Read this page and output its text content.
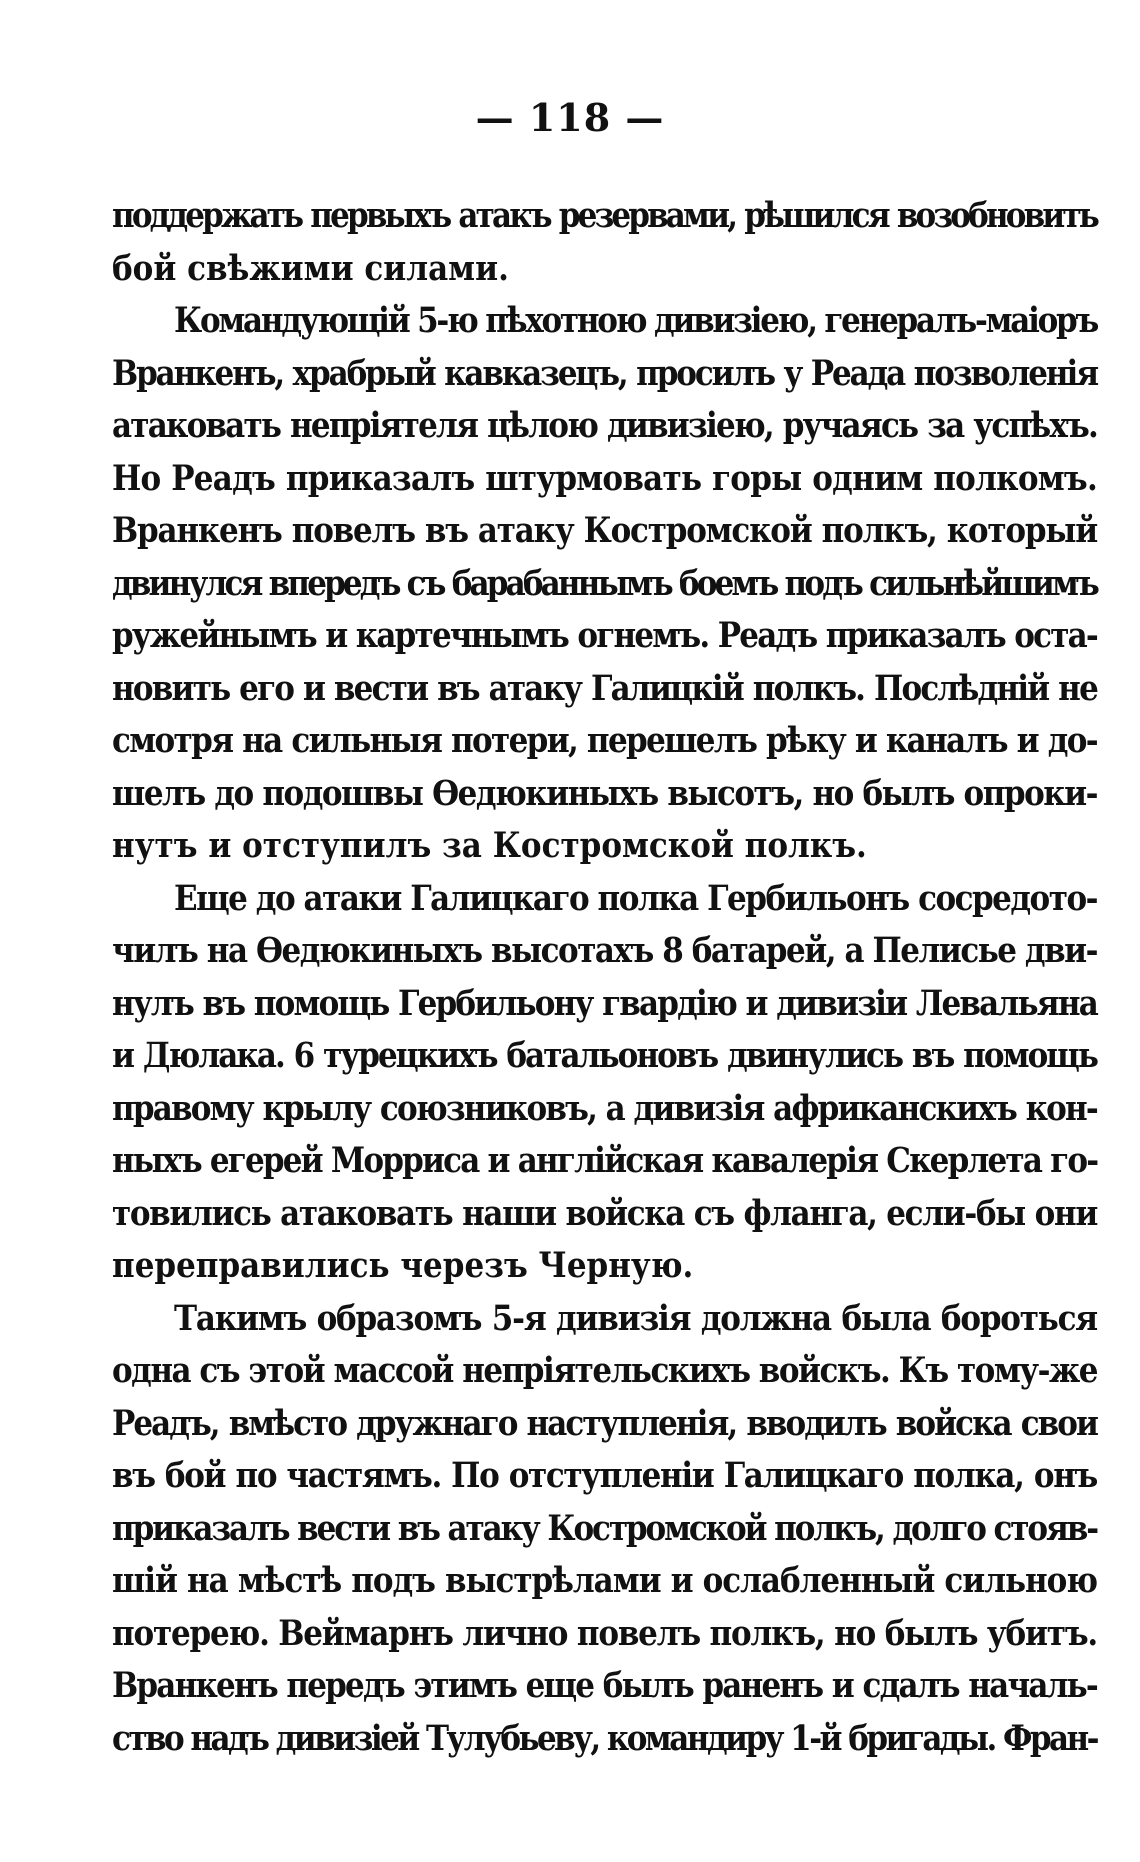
— 118 —
поддержать первыхъ атакъ резервами, рѣшился возобновить
бой свѣжими силами.
Командующій 5-ю пѣхотною дивизіею, генералъ-маіоръ
Вранкенъ, храбрый кавказецъ, просилъ у Реада позволенія
атаковать непріятеля цѣлою дивизіею, ручаясь за успѣхъ.
Но Реадъ приказалъ штурмовать горы одним полкомъ.
Вранкенъ повелъ въ атаку Костромской полкъ, который
двинулся впередъ съ барабаннымъ боемъ подъ сильнѣйшимъ
ружейнымъ и картечнымъ огнемъ. Реадъ приказалъ оста-
новить его и вести въ атаку Галицкій полкъ. Послѣдній не
смотря на сильныя потери, перешелъ рѣку и каналъ и до-
шелъ до подошвы Ѳедюкиныхъ высотъ, но былъ опроки-
нутъ и отступилъ за Костромской полкъ.
Еще до атаки Галицкаго полка Гербильонъ сосредото-
чилъ на Ѳедюкиныхъ высотахъ 8 батарей, а Пелисье дви-
нулъ въ помощь Гербильону гвардію и дивизіи Левальяна
и Дюлака. 6 турецкихъ батальоновъ двинулись въ помощь
правому крылу союзниковъ, а дивизія африканскихъ кон-
ныхъ егерей Морриса и англійская кавалерія Скерлета го-
товились атаковать наши войска съ фланга, если-бы они
переправились черезъ Черную.
Такимъ образомъ 5-я дивизія должна была бороться
одна съ этой массой непріятельскихъ войскъ. Къ тому-же
Реадъ, вмѣсто дружнаго наступленія, вводилъ войска свои
въ бой по частямъ. По отступленіи Галицкаго полка, онъ
приказалъ вести въ атаку Костромской полкъ, долго стояв-
шій на мѣстѣ подъ выстрѣлами и ослабленный сильною
потерею. Веймарнъ лично повелъ полкъ, но былъ убитъ.
Вранкенъ передъ этимъ еще былъ раненъ и сдалъ началь-
ство надъ дивизіей Тулубьеву, командиру 1-й бригады. Фран-
